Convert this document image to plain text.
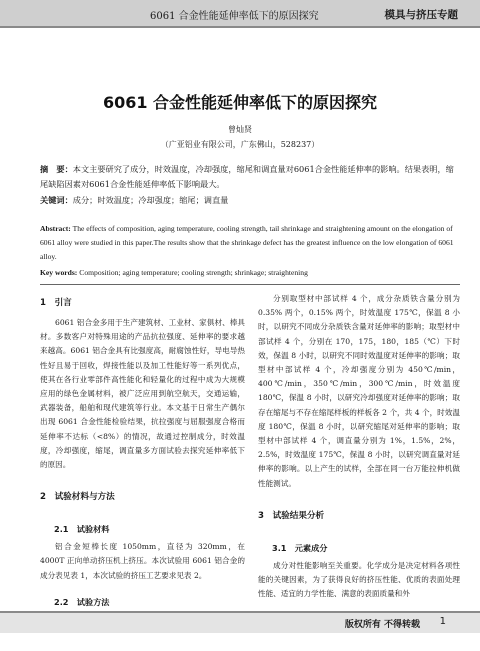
6061 合金性能延伸率低下的原因探究	模具与挤压专题
6061 合金性能延伸率低下的原因探究
曾灿贤
（广亚铝业有限公司，广东佛山，528237）
摘　要：本文主要研究了成分，时效温度，冷却强度，缩尾和调直量对6061合金性能延伸率的影响。结果表明，缩尾缺陷因素对6061合金性能延伸率低下影响最大。
关键词：成分；时效温度；冷却强度；缩尾；调直量
Abstract: The effects of composition, aging temperature, cooling strength, tail shrinkage and straightening amount on the elongation of 6061 alloy were studied in this paper.The results show that the shrinkage defect has the greatest influence on the low elongation of 6061 alloy.
Key words: Composition; aging temperature; cooling strength; shrinkage; straightening
1　引言

6061 铝合金多用于生产建筑材、工业材、家俱材、棒具材。多数客户对特殊用途的产品抗拉强度、延伸率的要求越来越高。6061 铝合金具有比强度高，耐腐蚀性好，导电导热性好且易于回收，焊接性能以及加工性能好等一系列优点，使其在各行业零部件高性能化和轻量化的过程中成为大规模应用的绿色金属材料，被广泛应用到航空航天，交通运输，武器装备，船舶和现代建筑等行业。本文基于日常生产偶尔出现 6061 合金性能检验结果，抗拉强度与屈服强度合格而延伸率不达标（<8%）的情况，故通过控制成分，时效温度，冷却强度，缩尾，调直量多方面试验去探究延伸率低下的原因。

2　试验材料与方法
2.1　试验材料

铝合金短棒长度 1050mm，直径为 320mm，在 4000T 正向单动挤压机上挤压。本次试验用 6061 铝合金的成分表见表 1，本次试验的挤压工艺要求见表 2。

2.2　试验方法

分别取型材中部试样 4 个，成分杂质铁含量分别为 0.35% 两个，0.15% 两个，时效温度 175℃，保温 8 小时，以研究不同成分杂质铁含量对延伸率的影响；取型材中部试样 4 个，分别在 170，175，180，185（℃）下时效，保温 8 小时，以研究不同时效温度对延伸率的影响；取型材中部试样 4 个，冷却强度分别为 450℃/min，400℃/min，350℃/min，300℃/min，时效温度 180℃，保温 8 小时，以研究冷却强度对延伸率的影响；取存在缩尾与不存在缩尾样板的样板各 2 个，共 4 个，时效温度 180℃，保温 8 小时，以研究缩尾对延伸率的影响；取型材中部试样 4 个，调直量分别为 1%，1.5%，2%，2.5%，时效温度 175℃，保温 8 小时，以研究调直量对延伸率的影响。以上产生的试样，全部在同一台万能拉伸机做性能测试。

3　试验结果分析
3.1　元素成分

成分对性能影响至关重要。化学成分是决定材料各项性能的关键因素，为了获得良好的挤压性能、优质的表面处理性能、适宜的力学性能、满意的表面质量和外

版权所有 不得转载 1
